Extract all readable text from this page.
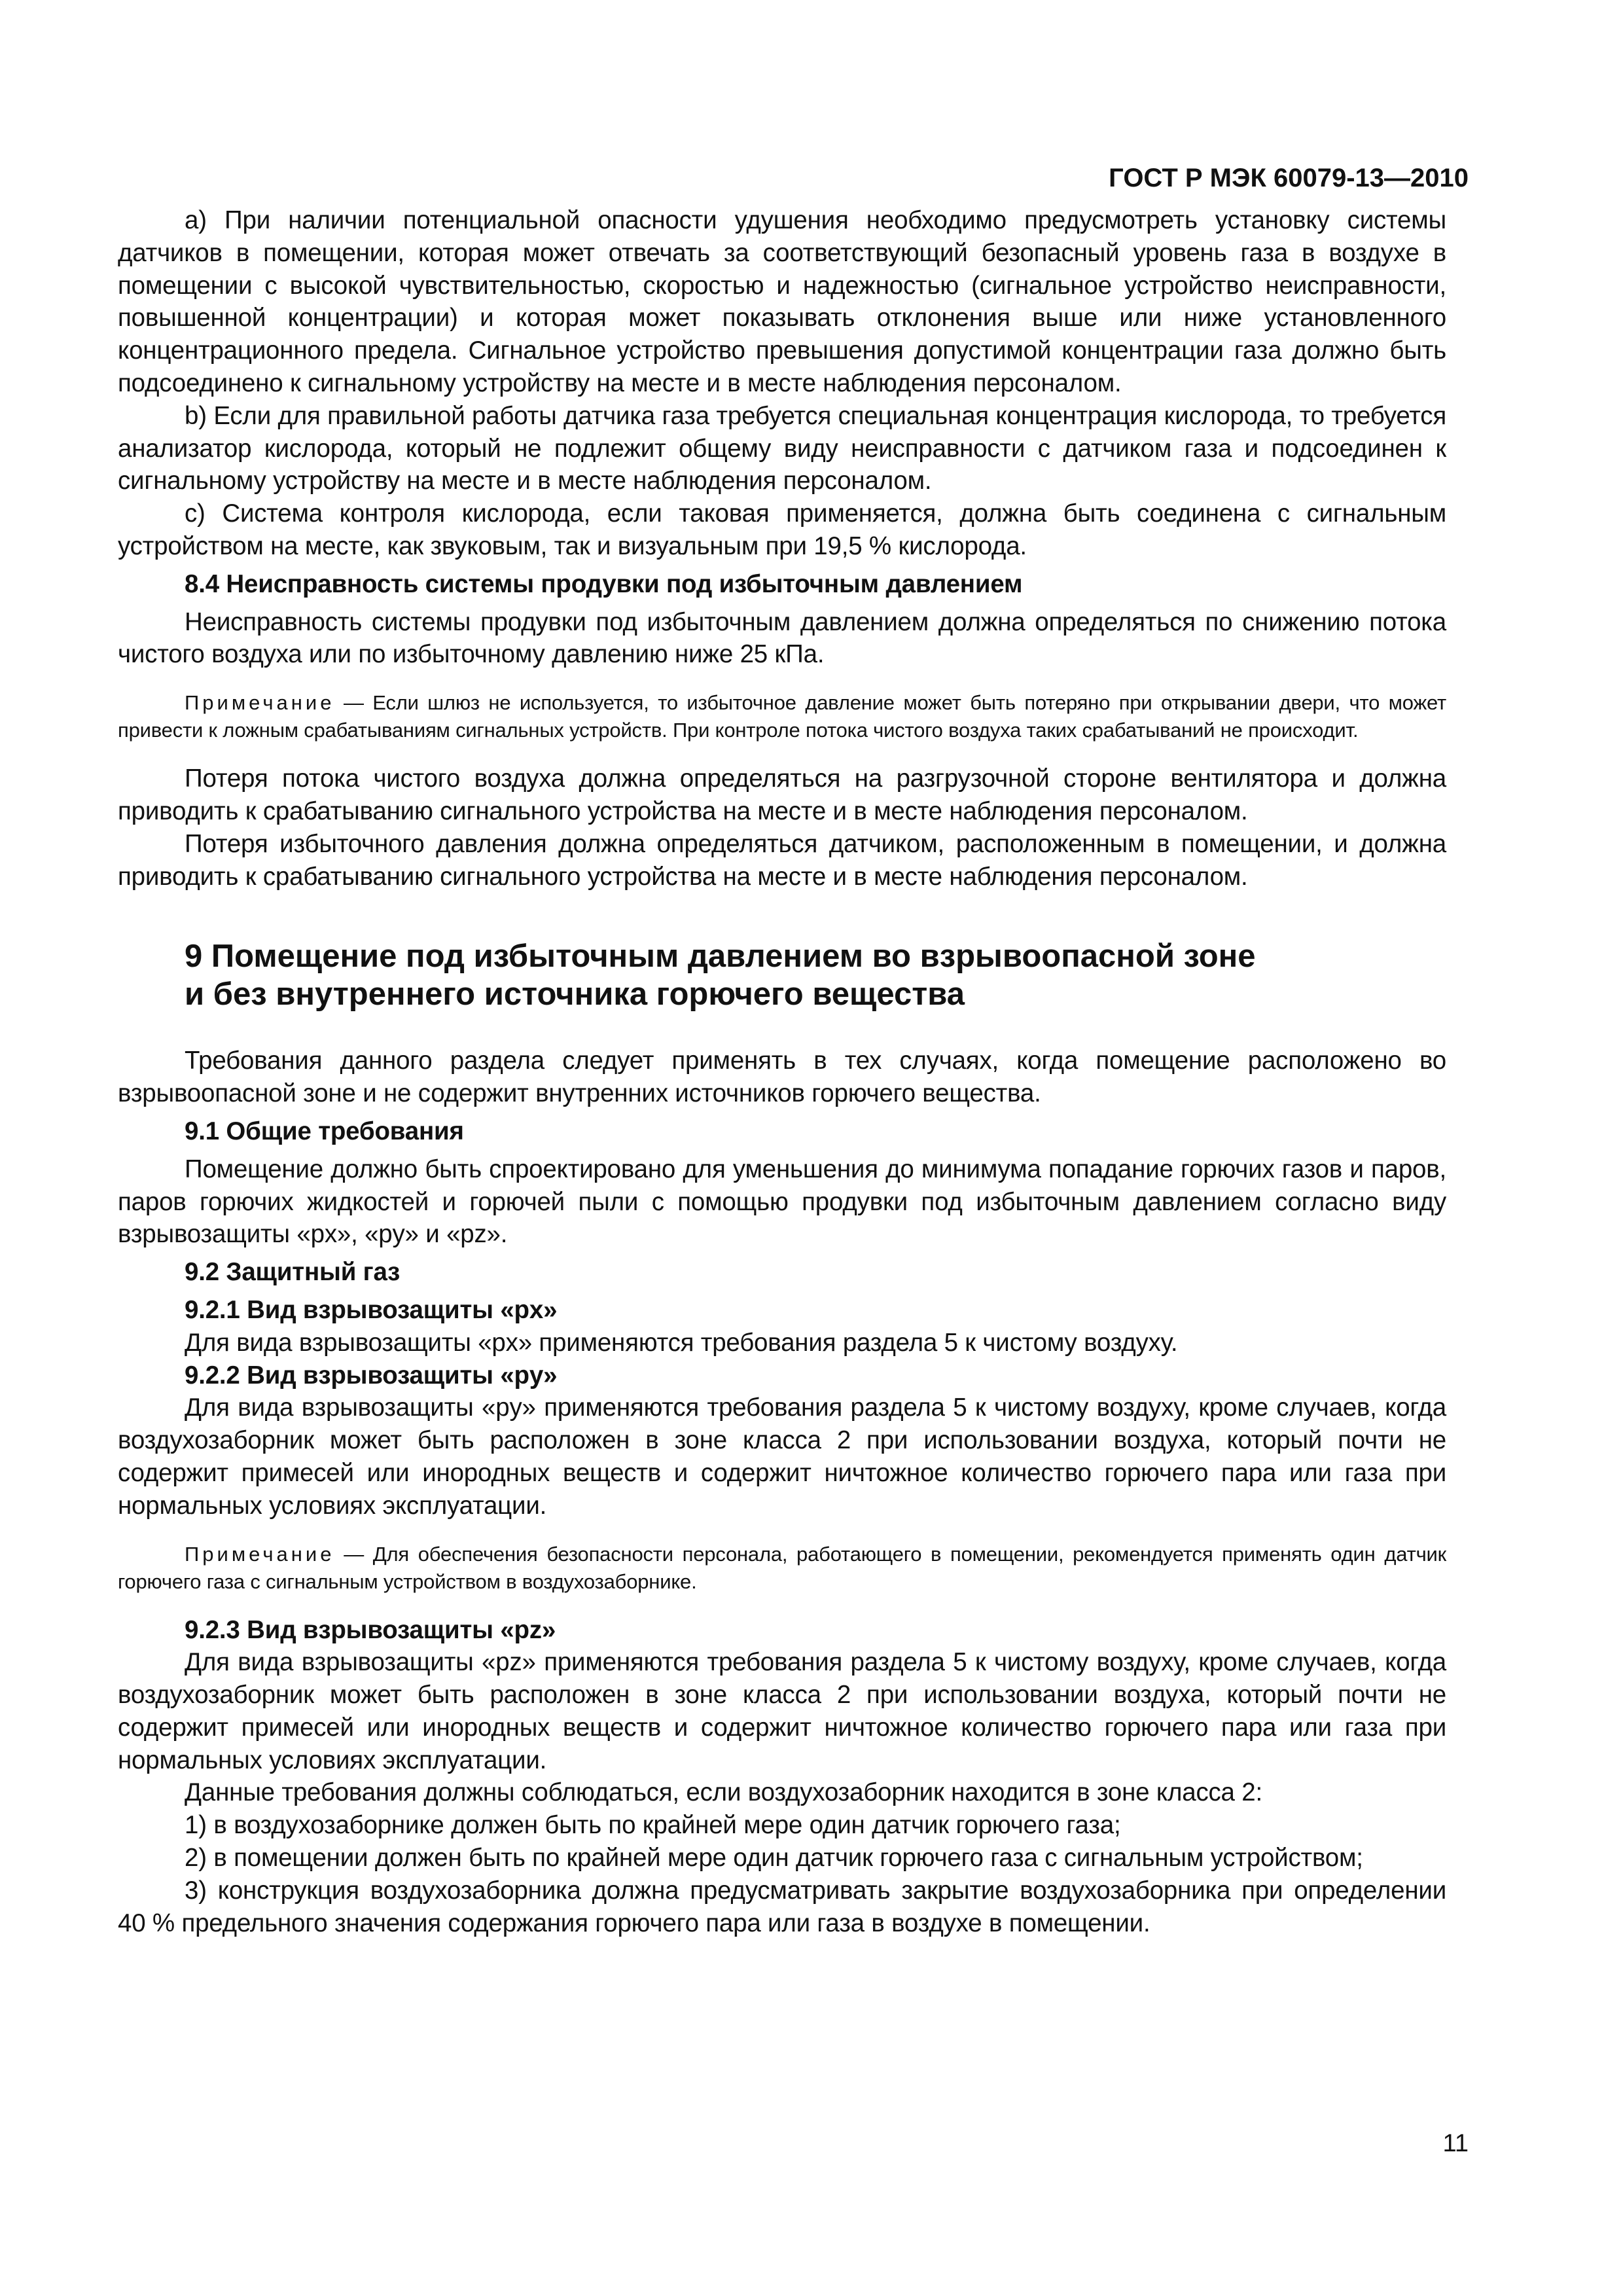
ГОСТ Р МЭК 60079-13—2010

a) При наличии потенциальной опасности удушения необходимо предусмотреть установку системы датчиков в помещении, которая может отвечать за соответствующий безопасный уровень газа в воздухе в помещении с высокой чувствительностью, скоростью и надежностью (сигнальное устройство неисправности, повышенной концентрации) и которая может показывать отклонения выше или ниже установленного концентрационного предела. Сигнальное устройство превышения допустимой концентрации газа должно быть подсоединено к сигнальному устройству на месте и в месте наблюдения персоналом.

b) Если для правильной работы датчика газа требуется специальная концентрация кислорода, то требуется анализатор кислорода, который не подлежит общему виду неисправности с датчиком газа и подсоединен к сигнальному устройству на месте и в месте наблюдения персоналом.

c) Система контроля кислорода, если таковая применяется, должна быть соединена с сигнальным устройством на месте, как звуковым, так и визуальным при 19,5 % кислорода.

8.4 Неисправность системы продувки под избыточным давлением

Неисправность системы продувки под избыточным давлением должна определяться по снижению потока чистого воздуха или по избыточному давлению ниже 25 кПа.

Примечание — Если шлюз не используется, то избыточное давление может быть потеряно при открывании двери, что может привести к ложным срабатываниям сигнальных устройств. При контроле потока чистого воздуха таких срабатываний не происходит.

Потеря потока чистого воздуха должна определяться на разгрузочной стороне вентилятора и должна приводить к срабатыванию сигнального устройства на месте и в месте наблюдения персоналом.

Потеря избыточного давления должна определяться датчиком, расположенным в помещении, и должна приводить к срабатыванию сигнального устройства на месте и в месте наблюдения персоналом.

9 Помещение под избыточным давлением во взрывоопасной зоне
и без внутреннего источника горючего вещества

Требования данного раздела следует применять в тех случаях, когда помещение расположено во взрывоопасной зоне и не содержит внутренних источников горючего вещества.

9.1 Общие требования

Помещение должно быть спроектировано для уменьшения до минимума попадание горючих газов и паров, паров горючих жидкостей и горючей пыли с помощью продувки под избыточным давлением согласно виду взрывозащиты «px», «py» и «pz».

9.2 Защитный газ

9.2.1 Вид взрывозащиты «px»

Для вида взрывозащиты «px» применяются требования раздела 5 к чистому воздуху.

9.2.2 Вид взрывозащиты «py»

Для вида взрывозащиты «py» применяются требования раздела 5 к чистому воздуху, кроме случаев, когда воздухозаборник может быть расположен в зоне класса 2 при использовании воздуха, который почти не содержит примесей или инородных веществ и содержит ничтожное количество горючего пара или газа при нормальных условиях эксплуатации.

Примечание — Для обеспечения безопасности персонала, работающего в помещении, рекомендуется применять один датчик горючего газа с сигнальным устройством в воздухозаборнике.

9.2.3 Вид взрывозащиты «pz»

Для вида взрывозащиты «pz» применяются требования раздела 5 к чистому воздуху, кроме случаев, когда воздухозаборник может быть расположен в зоне класса 2 при использовании воздуха, который почти не содержит примесей или инородных веществ и содержит ничтожное количество горючего пара или газа при нормальных условиях эксплуатации.

Данные требования должны соблюдаться, если воздухозаборник находится в зоне класса 2:

1) в воздухозаборнике должен быть по крайней мере один датчик горючего газа;

2) в помещении должен быть по крайней мере один датчик горючего газа с сигнальным устройством;

3) конструкция воздухозаборника должна предусматривать закрытие воздухозаборника при определении 40 % предельного значения содержания горючего пара или газа в воздухе в помещении.

11
